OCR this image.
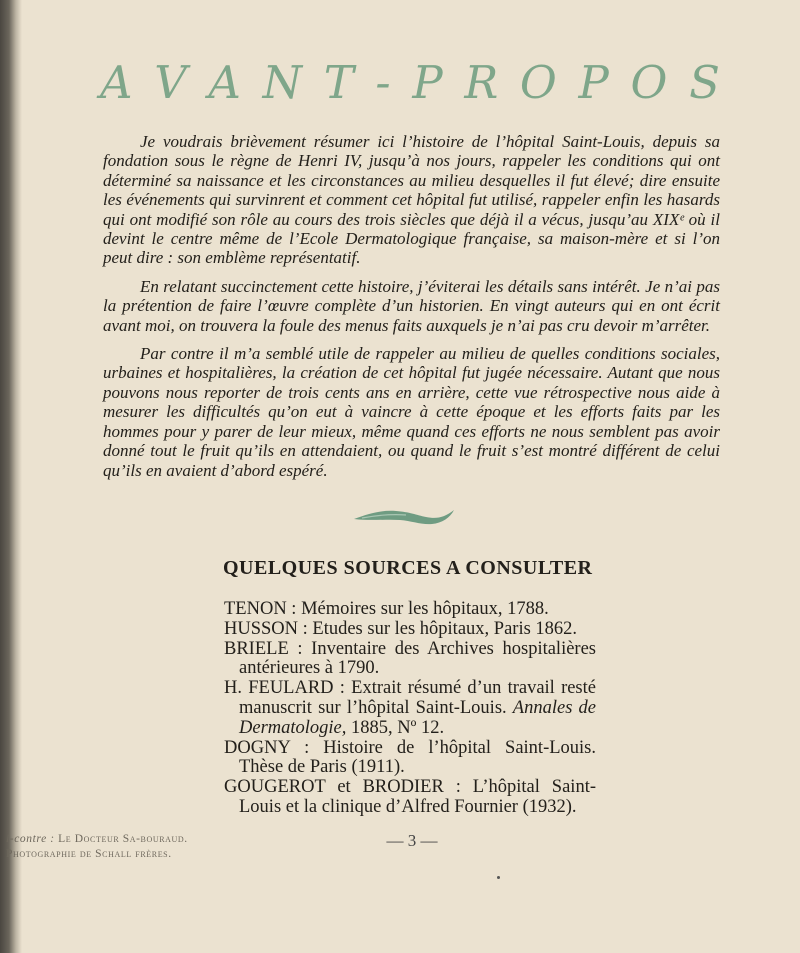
A V A N T - P R O P O S

Je voudrais brièvement résumer ici l’histoire de l’hôpital Saint-Louis, depuis sa fondation sous le règne de Henri IV, jusqu’à nos jours, rappeler les conditions qui ont déterminé sa naissance et les circonstances au milieu desquelles il fut élevé; dire ensuite les événements qui survinrent et comment cet hôpital fut utilisé, rappeler enfin les hasards qui ont modifié son rôle au cours des trois siècles que déjà il a vécus, jusqu’au XIXᵉ où il devint le centre même de l’Ecole Dermatologique française, sa maison-mère et si l’on peut dire : son emblème représentatif.

En relatant succinctement cette histoire, j’éviterai les détails sans intérêt. Je n’ai pas la prétention de faire l’œuvre complète d’un historien. En vingt auteurs qui en ont écrit avant moi, on trouvera la foule des menus faits auxquels je n’ai pas cru devoir m’arrêter.

Par contre il m’a semblé utile de rappeler au milieu de quelles conditions sociales, urbaines et hospitalières, la création de cet hôpital fut jugée nécessaire. Autant que nous pouvons nous reporter de trois cents ans en arrière, cette vue rétrospective nous aide à mesurer les difficultés qu’on eut à vaincre à cette époque et les efforts faits par les hommes pour y parer de leur mieux, même quand ces efforts ne nous semblent pas avoir donné tout le fruit qu’ils en attendaient, ou quand le fruit s’est montré différent de celui qu’ils en avaient d’abord espéré.

QUELQUES SOURCES A CONSULTER
TENON : Mémoires sur les hôpitaux, 1788.
HUSSON : Etudes sur les hôpitaux, Paris 1862.
BRIELE : Inventaire des Archives hospitalières antérieures à 1790.
H. FEULARD : Extrait résumé d’un travail resté manuscrit sur l’hôpital Saint-Louis. Annales de Dermatologie, 1885, Nº 12.
DOGNY : Histoire de l’hôpital Saint-Louis. Thèse de Paris (1911).
GOUGEROT et BRODIER : L’hôpital Saint-Louis et la clinique d’Alfred Fournier (1932).
i-contre : Le Docteur Sa-bouraud. Photographie de Schall frères.
— 3 —
